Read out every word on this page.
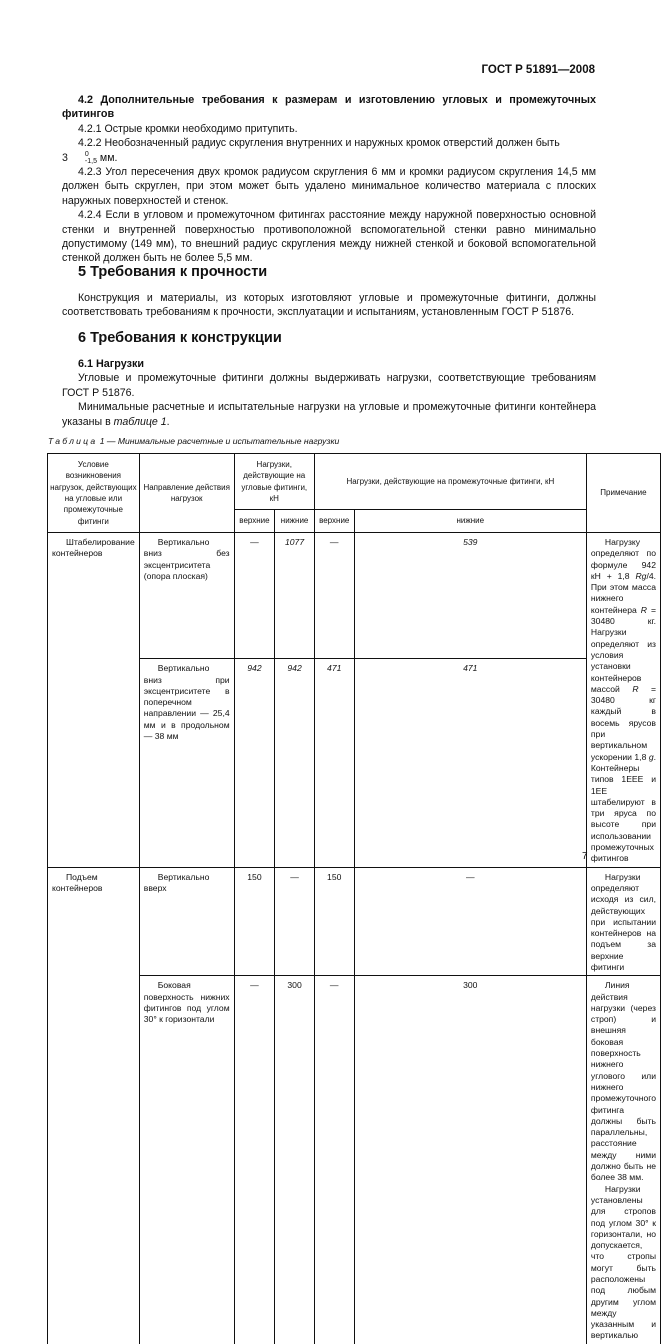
ГОСТ Р 51891—2008

4.2 Дополнительные требования к размерам и изготовлению угловых и промежуточных фитингов

4.2.1 Острые кромки необходимо притупить.

4.2.2 Необозначенный радиус скругления внутренних и наружных кромок отверстий должен быть
3	0
-1,5 мм.

4.2.3 Угол пересечения двух кромок радиусом скругления 6 мм и кромки радиусом скругления 14,5 мм должен быть скруглен, при этом может быть удалено минимальное количество материала с плоских наружных поверхностей и стенок.

4.2.4 Если в угловом и промежуточном фитингах расстояние между наружной поверхностью основной стенки и внутренней поверхностью противоположной вспомогательной стенки равно минимально допустимому (149 мм), то внешний радиус скругления между нижней стенкой и боковой вспомогательной стенкой должен быть не более 5,5 мм.

5 Требования к прочности

Конструкция и материалы, из которых изготовляют угловые и промежуточные фитинги, должны соответствовать требованиям к прочности, эксплуатации и испытаниям, установленным ГОСТ Р 51876.

6 Требования к конструкции

6.1 Нагрузки

Угловые и промежуточные фитинги должны выдерживать нагрузки, соответствующие требованиям ГОСТ Р 51876.

Минимальные расчетные и испытательные нагрузки на угловые и промежуточные фитинги контейнера указаны в таблице 1.

Таблица 1 — Минимальные расчетные и испытательные нагрузки
Условие возникновения нагрузок, действующих на угловые или промежуточные фитинги	Направление действия нагрузок	Нагрузки, действующие на угловые фитинги, кН		Нагрузки, действующие на промежуточные фитинги, кН		Примечание
		верхние	нижние	верхние	нижние	
Штабелирование контейнеров	Вертикально вниз без эксцентриситета (опора плоская)	—	1077	—	539	Нагрузку определяют по формуле 942 кН + 1,8 Rg/4. При этом масса нижнего контейнера R = 30480 кг. Нагрузки определяют из условия установки контейнеров массой R = 30480 кг каждый в восемь ярусов при вертикальном ускорении 1,8 g. Контейнеры типов 1ЕЕЕ и 1ЕЕ штабелируют в три яруса по высоте при использовании промежуточных фитингов

	Вертикально вниз при эксцентриситете в поперечном направлении — 25,4 мм и в продольном — 38 мм	942	942	471	471	
Подъем контейнеров	Вертикально вверх	150	—	150	—	Нагрузки определяют исходя из сил, действующих при испытании контейнеров на подъем за верхние фитинги

	Боковая поверхность нижних фитингов под углом 30° к горизонтали	—	300	—	300	Линия действия нагрузки (через строп) и внешняя боковая поверхность нижнего углового или нижнего промежуточного фитинга должны быть параллельны, расстояние между ними должно быть не более 38 мм.

Нагрузки установлены для стропов под углом 30° к горизонтали, но допускается, что стропы могут быть расположены под любым другим углом между указанным и вертикалью

7
